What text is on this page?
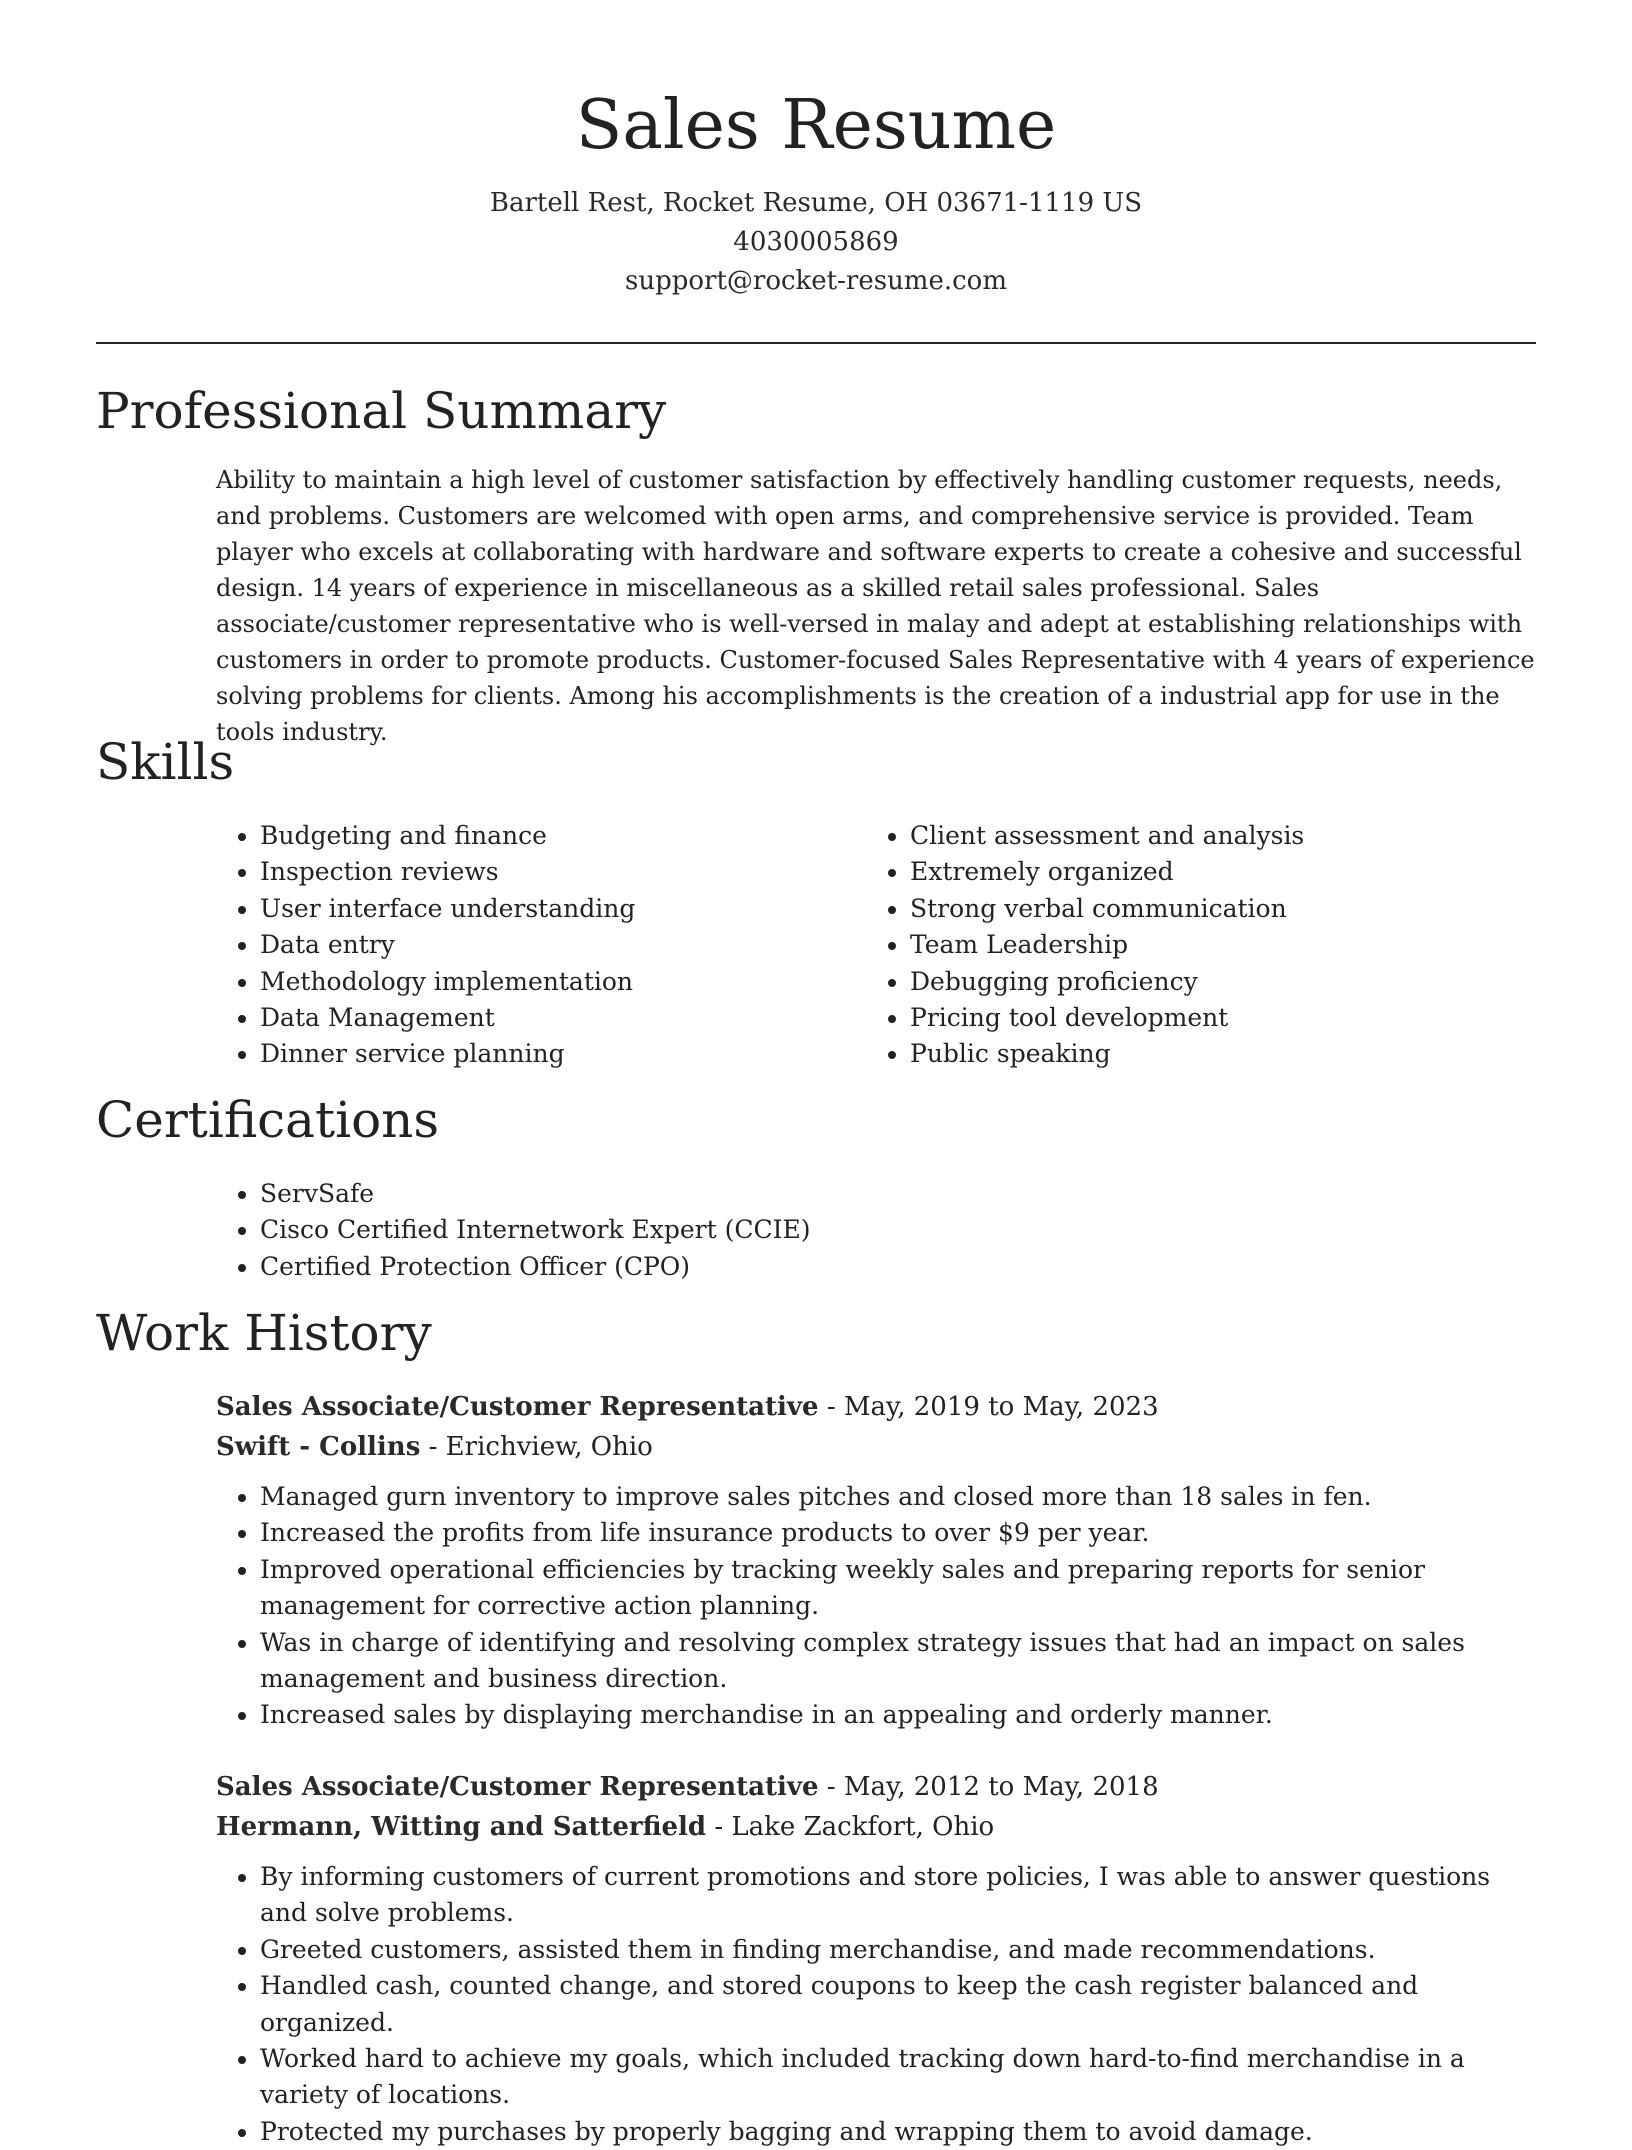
Sales Resume
Bartell Rest, Rocket Resume, OH 03671-1119 US
4030005869
support@rocket-resume.com
Professional Summary

Ability to maintain a high level of customer satisfaction by effectively handling customer requests, needs, and problems. Customers are welcomed with open arms, and comprehensive service is provided. Team player who excels at collaborating with hardware and software experts to create a cohesive and successful design. 14 years of experience in miscellaneous as a skilled retail sales professional. Sales associate/customer representative who is well-versed in malay and adept at establishing relationships with customers in order to promote products. Customer-focused Sales Representative with 4 years of experience solving problems for clients. Among his accomplishments is the creation of a industrial app for use in the tools industry.

Skills
• Budgeting and finance
• Inspection reviews
• User interface understanding
• Data entry
• Methodology implementation
• Data Management
• Dinner service planning
• Client assessment and analysis
• Extremely organized
• Strong verbal communication
• Team Leadership
• Debugging proficiency
• Pricing tool development
• Public speaking
Certifications
• ServSafe
• Cisco Certified Internetwork Expert (CCIE)
• Certified Protection Officer (CPO)
Work History

Sales Associate/Customer Representative - May, 2019 to May, 2023

Swift - Collins - Erichview, Ohio

• Managed gurn inventory to improve sales pitches and closed more than 18 sales in fen.
• Increased the profits from life insurance products to over $9 per year.
• Improved operational efficiencies by tracking weekly sales and preparing reports for senior management for corrective action planning.
• Was in charge of identifying and resolving complex strategy issues that had an impact on sales management and business direction.
• Increased sales by displaying merchandise in an appealing and orderly manner.

Sales Associate/Customer Representative - May, 2012 to May, 2018

Hermann, Witting and Satterfield - Lake Zackfort, Ohio

• By informing customers of current promotions and store policies, I was able to answer questions and solve problems.
• Greeted customers, assisted them in finding merchandise, and made recommendations.
• Handled cash, counted change, and stored coupons to keep the cash register balanced and organized.
• Worked hard to achieve my goals, which included tracking down hard-to-find merchandise in a variety of locations.
• Protected my purchases by properly bagging and wrapping them to avoid damage.
